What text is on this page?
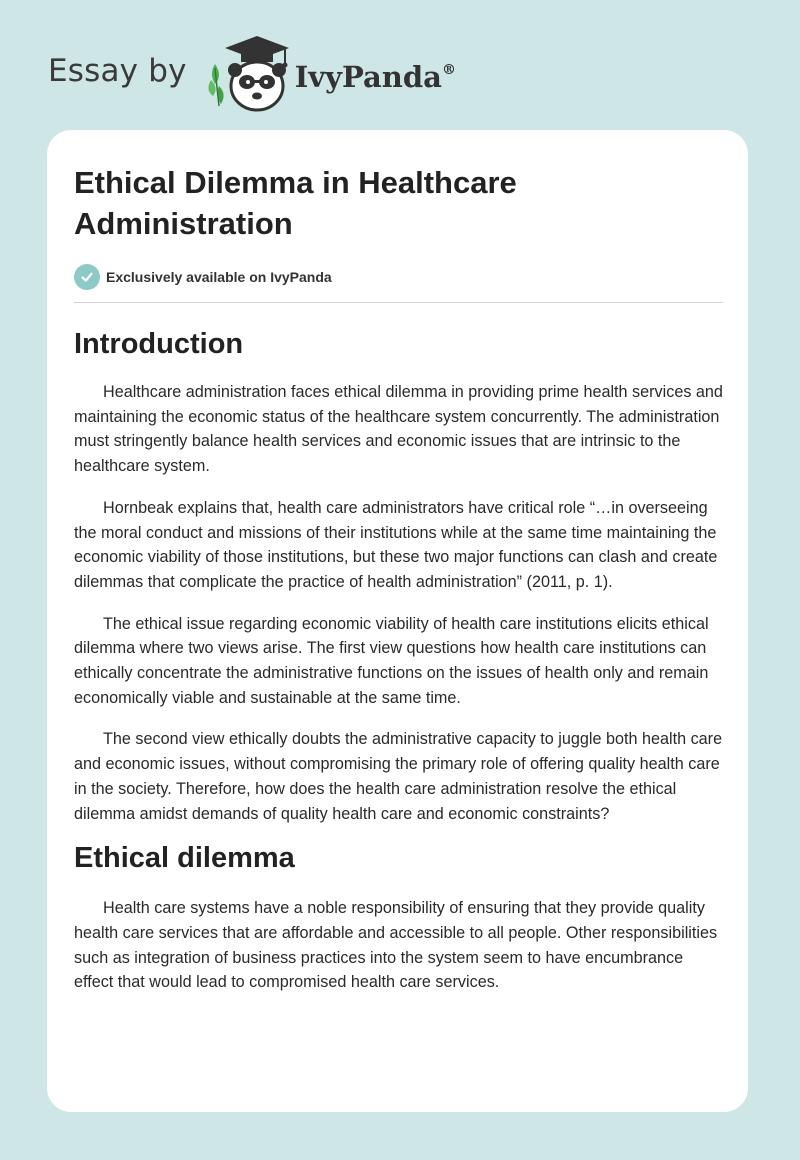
Essay by	IvyPanda®
Ethical Dilemma in Healthcare Administration
Exclusively available on IvyPanda
Introduction

Healthcare administration faces ethical dilemma in providing prime health services and maintaining the economic status of the healthcare system concurrently. The administration must stringently balance health services and economic issues that are intrinsic to the healthcare system.

Hornbeak explains that, health care administrators have critical role “…in overseeing the moral conduct and missions of their institutions while at the same time maintaining the economic viability of those institutions, but these two major functions can clash and create dilemmas that complicate the practice of health administration” (2011, p. 1).

The ethical issue regarding economic viability of health care institutions elicits ethical dilemma where two views arise. The first view questions how health care institutions can ethically concentrate the administrative functions on the issues of health only and remain economically viable and sustainable at the same time.

The second view ethically doubts the administrative capacity to juggle both health care and economic issues, without compromising the primary role of offering quality health care in the society. Therefore, how does the health care administration resolve the ethical dilemma amidst demands of quality health care and economic constraints?

Ethical dilemma

Health care systems have a noble responsibility of ensuring that they provide quality health care services that are affordable and accessible to all people. Other responsibilities such as integration of business practices into the system seem to have encumbrance effect that would lead to compromised health care services.
